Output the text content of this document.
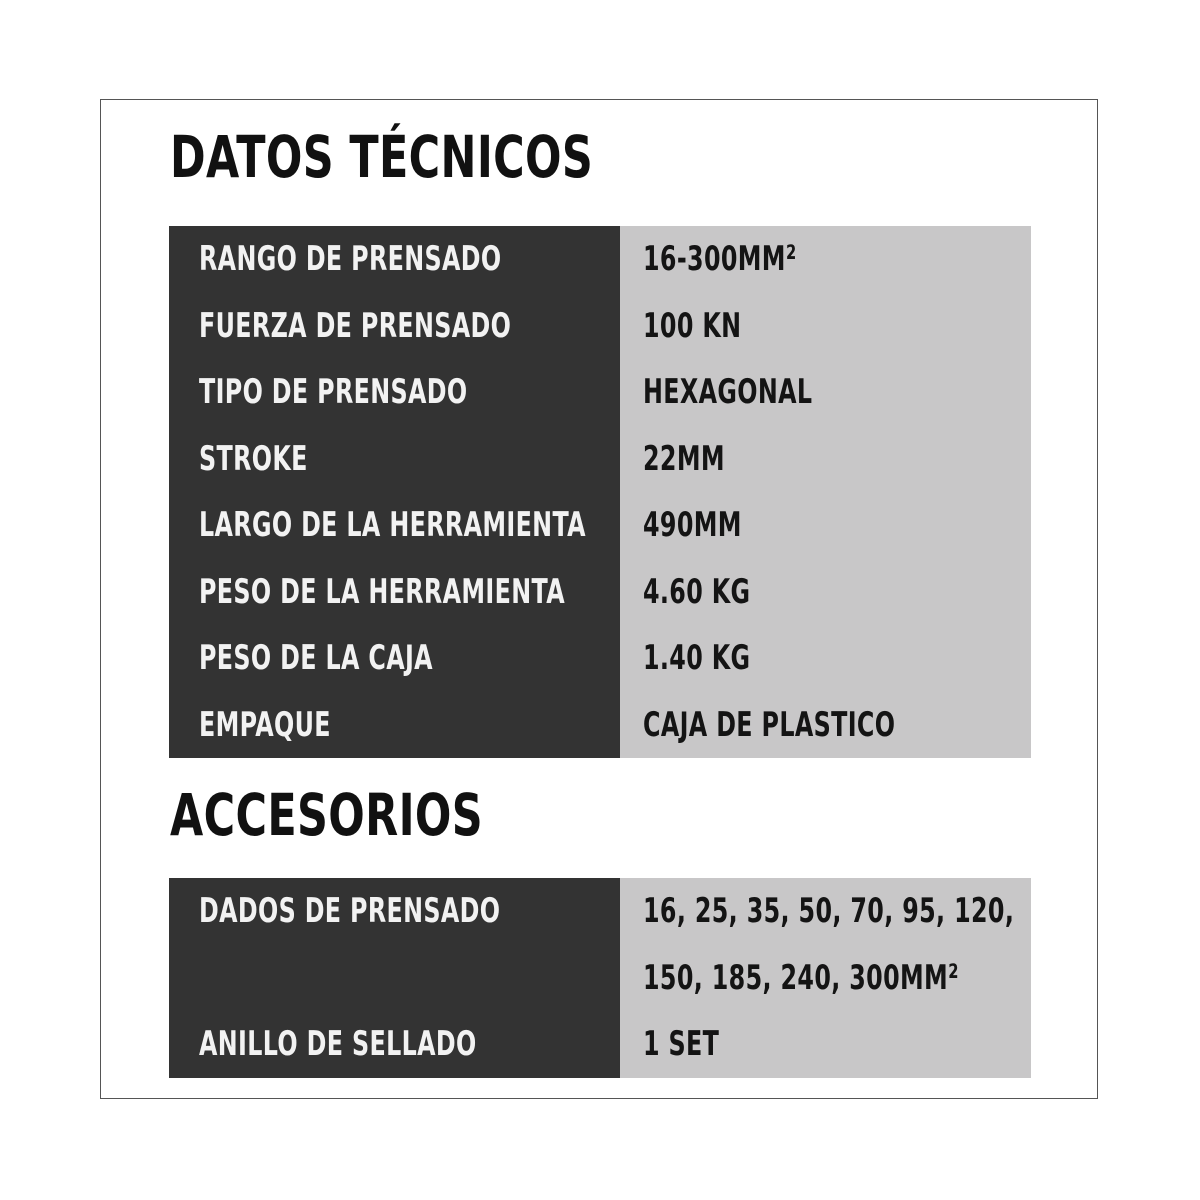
DATOS TÉCNICOS
RANGO DE PRENSADO	16-300MM²
FUERZA DE PRENSADO	100 KN
TIPO DE PRENSADO	HEXAGONAL
STROKE	22MM
LARGO DE LA HERRAMIENTA 490MM
PESO DE LA HERRAMIENTA 4.60 KG
PESO DE LA CAJA	1.40 KG
EMPAQUE	CAJA DE PLASTICO
ACCESORIOS
DADOS DE PRENSADO	16, 25, 35, 50, 70, 95, 120,
150, 185, 240, 300MM²
ANILLO DE SELLADO	1 SET
